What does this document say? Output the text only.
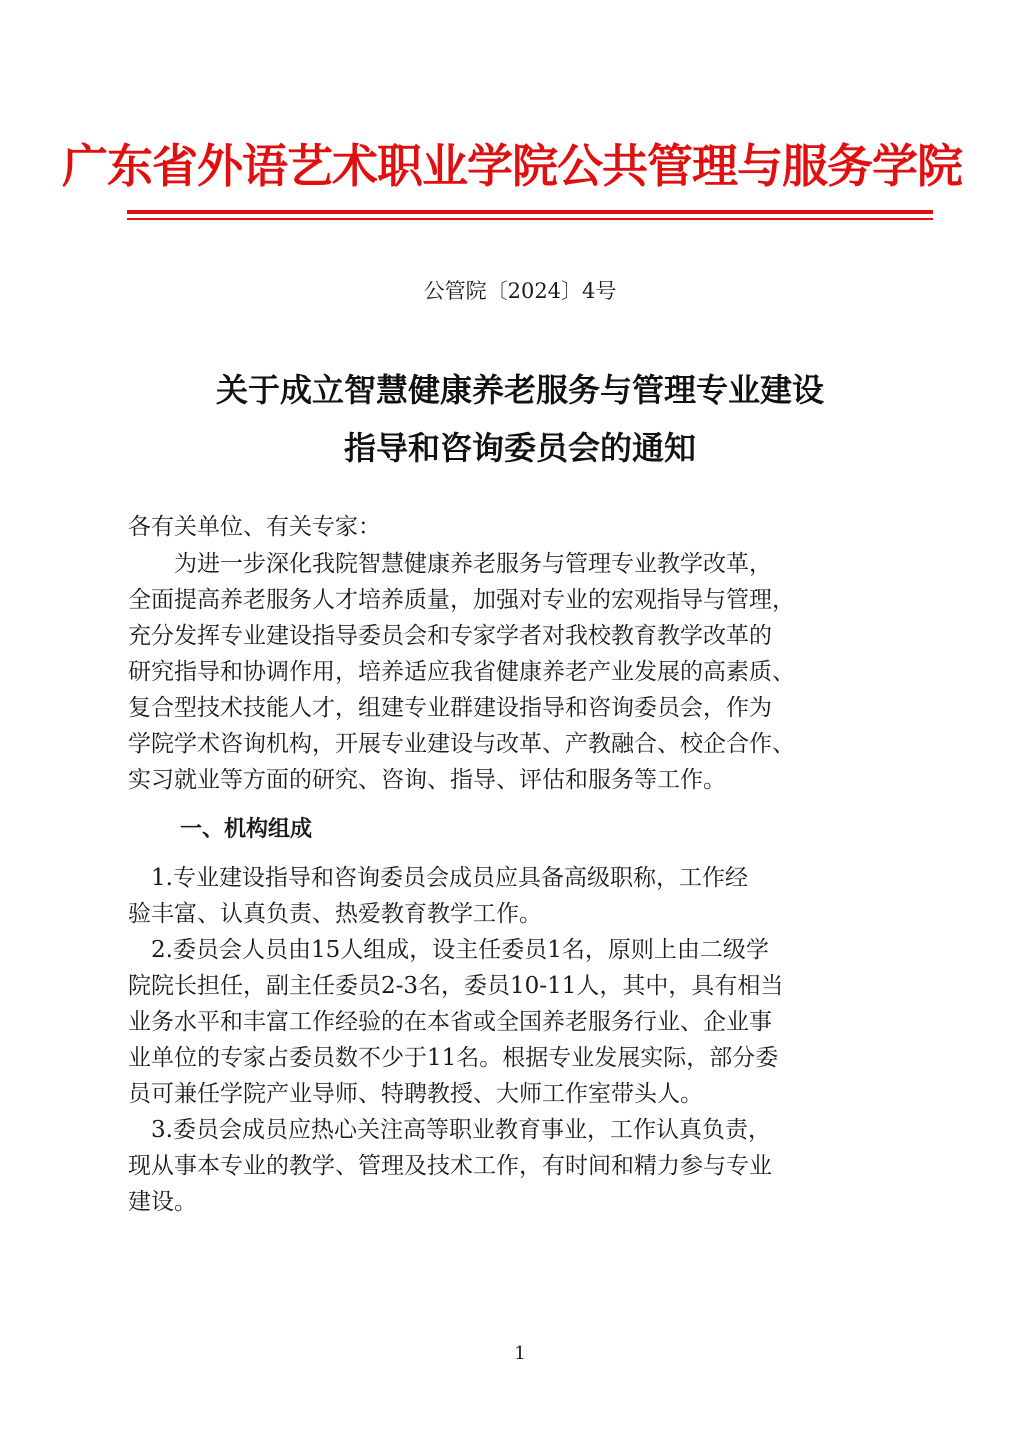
广东省外语艺术职业学院公共管理与服务学院
公管院〔2024〕4号
关于成立智慧健康养老服务与管理专业建设
指导和咨询委员会的通知
各有关单位、有关专家：
　　为进一步深化我院智慧健康养老服务与管理专业教学改革，
全面提高养老服务人才培养质量，加强对专业的宏观指导与管理，
充分发挥专业建设指导委员会和专家学者对我校教育教学改革的
研究指导和协调作用，培养适应我省健康养老产业发展的高素质、
复合型技术技能人才，组建专业群建设指导和咨询委员会，作为
学院学术咨询机构，开展专业建设与改革、产教融合、校企合作、
实习就业等方面的研究、咨询、指导、评估和服务等工作。
一、机构组成
　1.专业建设指导和咨询委员会成员应具备高级职称，工作经
验丰富、认真负责、热爱教育教学工作。
　2.委员会人员由15人组成，设主任委员1名，原则上由二级学
院院长担任，副主任委员2-3名，委员10-11人，其中，具有相当
业务水平和丰富工作经验的在本省或全国养老服务行业、企业事
业单位的专家占委员数不少于11名。根据专业发展实际，部分委
员可兼任学院产业导师、特聘教授、大师工作室带头人。
　3.委员会成员应热心关注高等职业教育事业，工作认真负责，
现从事本专业的教学、管理及技术工作，有时间和精力参与专业
建设。
1
